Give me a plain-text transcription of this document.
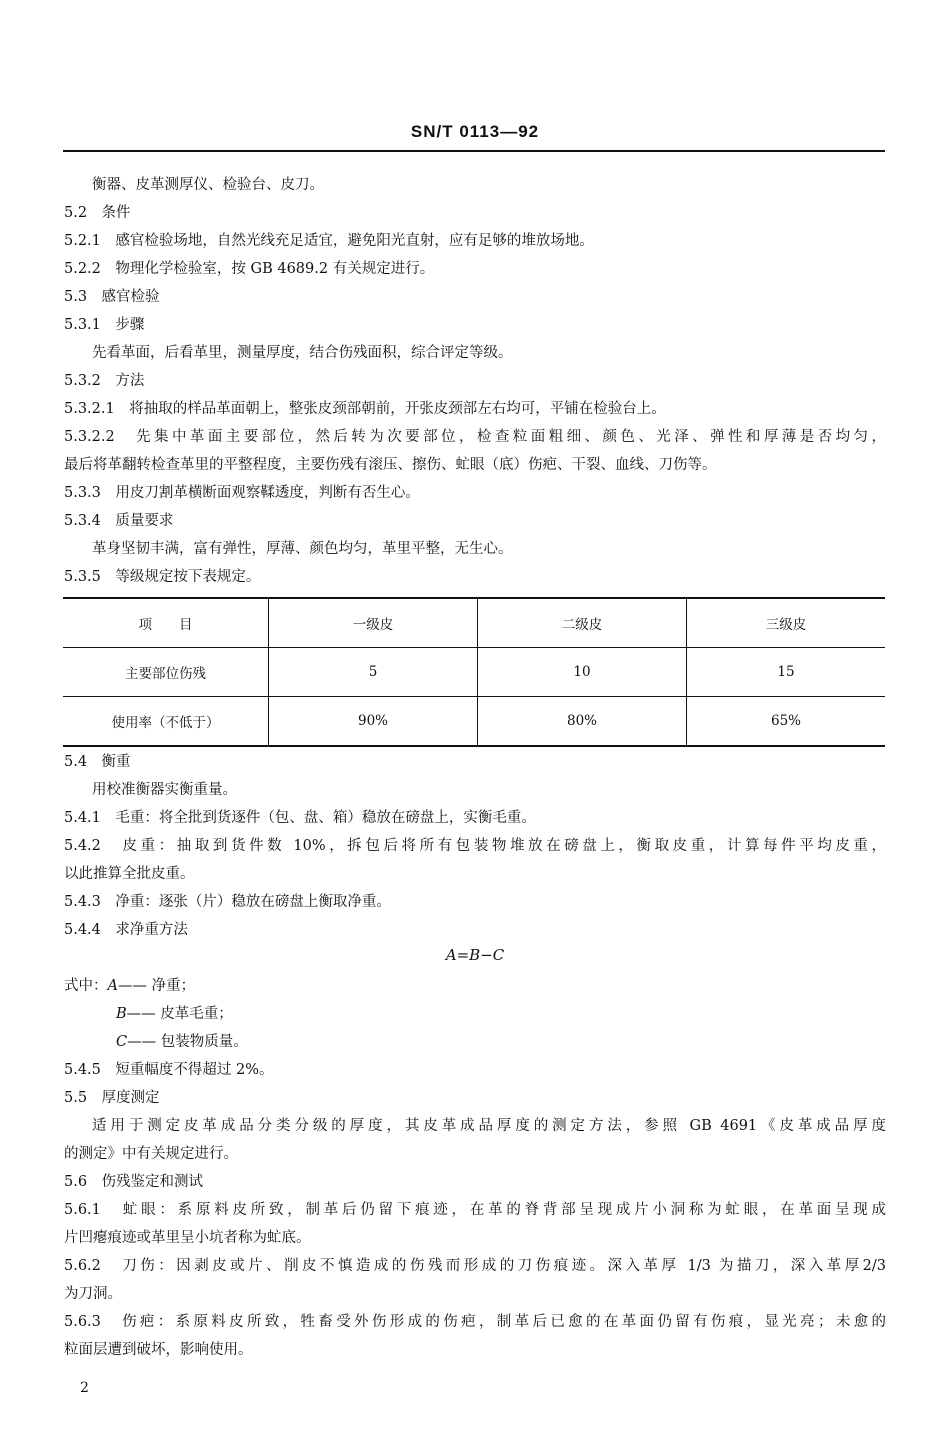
SN/T 0113—92
衡器、皮革测厚仪、检验台、皮刀。
5.2　条件
5.2.1　感官检验场地，自然光线充足适宜，避免阳光直射，应有足够的堆放场地。
5.2.2　物理化学检验室，按 GB 4689.2 有关规定进行。
5.3　感官检验
5.3.1　步骤
先看革面，后看革里，测量厚度，结合伤残面积，综合评定等级。
5.3.2　方法
5.3.2.1　将抽取的样品革面朝上，整张皮颈部朝前，开张皮颈部左右均可，平铺在检验台上。
5.3.2.2　先集中革面主要部位，然后转为次要部位，检查粒面粗细、颜色、光泽、弹性和厚薄是否均匀，
最后将革翻转检查革里的平整程度，主要伤残有滚压、擦伤、虻眼（底）伤疤、干裂、血线、刀伤等。
5.3.3　用皮刀割革横断面观察鞣透度，判断有否生心。
5.3.4　质量要求
革身坚韧丰满，富有弹性，厚薄、颜色均匀，革里平整，无生心。
5.3.5　等级规定按下表规定。
项　　目	一级皮	二级皮	三级皮
主要部位伤残	5	10	15
使用率（不低于）	90%	80%	65%
5.4　衡重
用校准衡器实衡重量。
5.4.1　毛重：将全批到货逐件（包、盘、箱）稳放在磅盘上，实衡毛重。
5.4.2　皮重：抽取到货件数 10%，拆包后将所有包装物堆放在磅盘上，衡取皮重，计算每件平均皮重，
以此推算全批皮重。
5.4.3　净重：逐张（片）稳放在磅盘上衡取净重。
5.4.4　求净重方法
A=B−C
式中：A—— 净重；
B—— 皮革毛重；
C—— 包装物质量。
5.4.5　短重幅度不得超过 2%。
5.5　厚度测定
适用于测定皮革成品分类分级的厚度，其皮革成品厚度的测定方法，参照 GB 4691《皮革成品厚度
的测定》中有关规定进行。
5.6　伤残鉴定和测试
5.6.1　虻眼：系原料皮所致，制革后仍留下痕迹，在革的脊背部呈现成片小洞称为虻眼，在革面呈现成
片凹瘪痕迹或革里呈小坑者称为虻底。
5.6.2　刀伤：因剥皮或片、削皮不慎造成的伤残而形成的刀伤痕迹。深入革厚 1/3 为描刀，深入革厚2/3
为刀洞。
5.6.3　伤疤：系原料皮所致，牲畜受外伤形成的伤疤，制革后已愈的在革面仍留有伤痕，显光亮；未愈的
粒面层遭到破坏，影响使用。
2
